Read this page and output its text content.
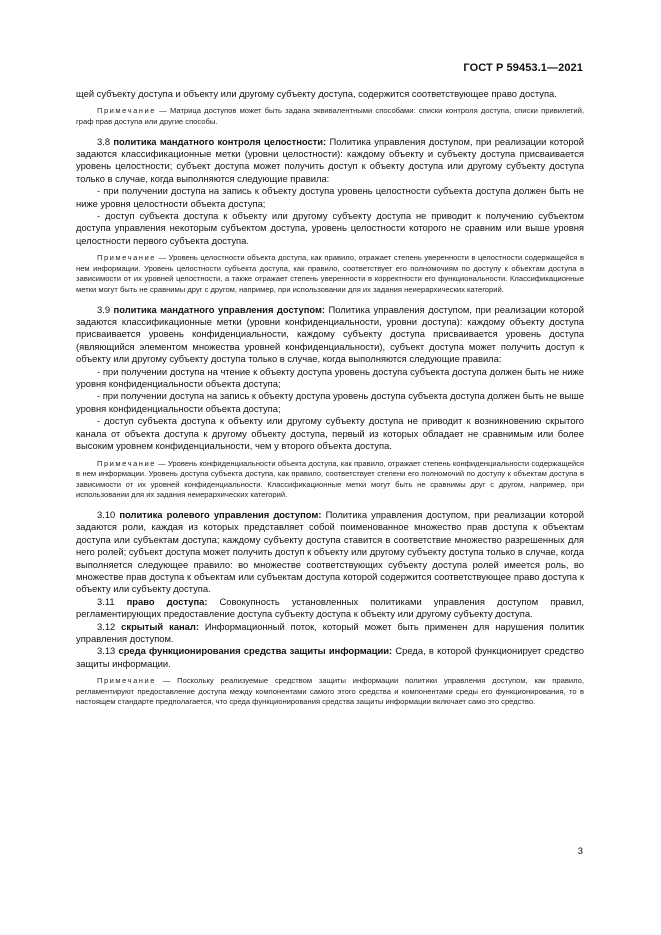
ГОСТ Р 59453.1—2021

щей субъекту доступа и объекту или другому субъекту доступа, содержится соответствующее право доступа.

Примечание — Матрица доступов может быть задана эквивалентными способами: списки контроля доступа, списки привилегий, граф прав доступа или другие способы.

3.8 политика мандатного контроля целостности: Политика управления доступом, при реализации которой задаются классификационные метки (уровни целостности): каждому объекту и субъекту доступа присваивается уровень целостности; субъект доступа может получить доступ к объекту доступа или другому субъекту доступа только в случае, когда выполняются следующие правила:

- при получении доступа на запись к объекту доступа уровень целостности субъекта доступа должен быть не ниже уровня целостности объекта доступа;

- доступ субъекта доступа к объекту или другому субъекту доступа не приводит к получению субъектом доступа управления некоторым субъектом доступа, уровень целостности которого не сравним или выше уровня целостности первого субъекта доступа.

Примечание — Уровень целостности объекта доступа, как правило, отражает степень уверенности в целостности содержащейся в нем информации. Уровень целостности субъекта доступа, как правило, соответствует его полномочиям по доступу к объектам доступа в зависимости от их уровней целостности, а также отражает степень уверенности в корректности его функциональности. Классификационные метки могут быть не сравнимы друг с другом, например, при использовании для их задания неиерархических категорий.

3.9 политика мандатного управления доступом: Политика управления доступом, при реализации которой задаются классификационные метки (уровни конфиденциальности, уровни доступа): каждому объекту доступа присваивается уровень конфиденциальности, каждому субъекту доступа присваивается уровень доступа (являющийся элементом множества уровней конфиденциальности), субъект доступа может получить доступ к объекту или другому субъекту доступа только в случае, когда выполняются следующие правила:

- при получении доступа на чтение к объекту доступа уровень доступа субъекта доступа должен быть не ниже уровня конфиденциальности объекта доступа;

- при получении доступа на запись к объекту доступа уровень доступа субъекта доступа должен быть не выше уровня конфиденциальности объекта доступа;

- доступ субъекта доступа к объекту или другому субъекту доступа не приводит к возникновению скрытого канала от объекта доступа к другому объекту доступа, первый из которых обладает не сравнимым или более высоким уровнем конфиденциальности, чем у второго объекта доступа.

Примечание — Уровень конфиденциальности объекта доступа, как правило, отражает степень конфиденциальности содержащейся в нем информации. Уровень доступа субъекта доступа, как правило, соответствует степени его полномочий по доступу к объектам доступа в зависимости от их уровней конфиденциальности. Классификационные метки могут быть не сравнимы друг с другом, например, при использовании для их задания неиерархических категорий.

3.10 политика ролевого управления доступом: Политика управления доступом, при реализации которой задаются роли, каждая из которых представляет собой поименованное множество прав доступа к объектам доступа или субъектам доступа; каждому субъекту доступа ставится в соответствие множество разрешенных для него ролей; субъект доступа может получить доступ к объекту или другому субъекту доступа только в случае, когда выполняется следующее правило: во множестве соответствующих субъекту доступа ролей имеется роль, во множестве прав доступа к объектам или субъектам доступа которой содержится соответствующее право доступа к объекту или субъекту доступа.

3.11 право доступа: Совокупность установленных политиками управления доступом правил, регламентирующих предоставление доступа субъекту доступа к объекту или другому субъекту доступа.

3.12 скрытый канал: Информационный поток, который может быть применен для нарушения политик управления доступом.

3.13 среда функционирования средства защиты информации: Среда, в которой функционирует средство защиты информации.

Примечание — Поскольку реализуемые средством защиты информации политики управления доступом, как правило, регламентируют предоставление доступа между компонентами самого этого средства и компонентами среды его функционирования, то в настоящем стандарте предполагается, что среда функционирования средства защиты информации включает само это средство.

3
